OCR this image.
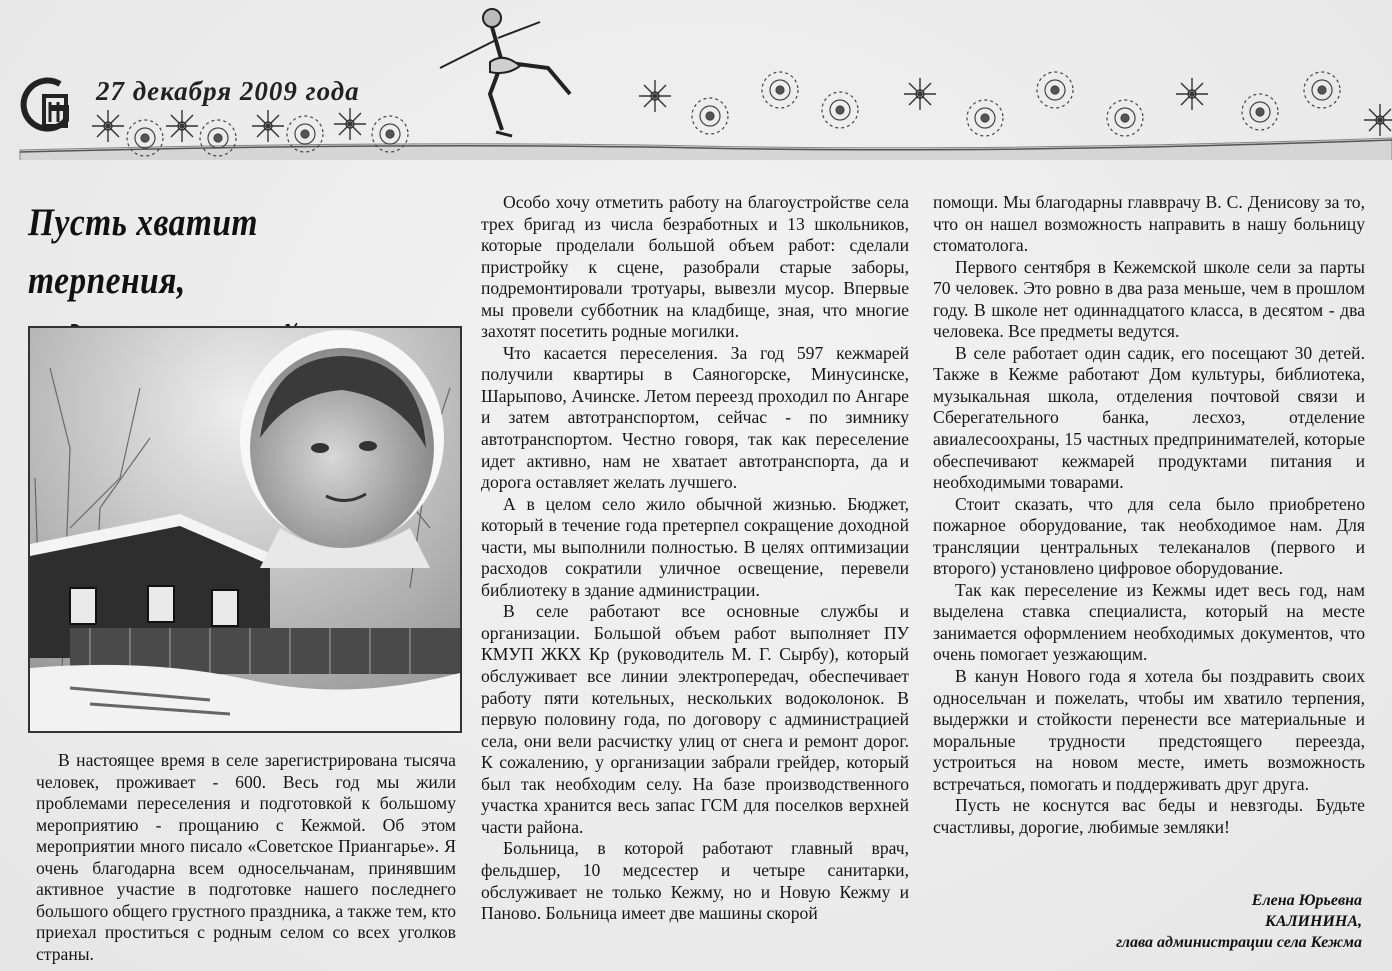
27 декабря 2009 года
Пусть хватит терпения,

В настоящее время в селе зарегистрирована тысяча человек, проживает - 600. Весь год мы жили проблемами переселения и подготовкой к большому мероприятию - прощанию с Кежмой. Об этом мероприятии много писало «Советское Приангарье». Я очень благодарна всем односельчанам, принявшим активное участие в подготовке нашего последнего большого общего грустного праздника, а также тем, кто приехал проститься с родным селом со всех уголков страны.

Особо хочу отметить работу на благоустройстве села трех бригад из числа безработных и 13 школьников, которые проделали большой объем работ: сделали пристройку к сцене, разобрали старые заборы, подремонтировали тротуары, вывезли мусор. Впервые мы провели субботник на кладбище, зная, что многие захотят посетить родные могилки.

Что касается переселения. За год 597 кежмарей получили квартиры в Саяногорске, Минусинске, Шарыпово, Ачинске. Летом переезд проходил по Ангаре и затем автотранспортом, сейчас - по зимнику автотранспортом. Честно говоря, так как переселение идет активно, нам не хватает автотранспорта, да и дорога оставляет желать лучшего.

А в целом село жило обычной жизнью. Бюджет, который в течение года претерпел сокращение доходной части, мы выполнили полностью. В целях оптимизации расходов сократили уличное освещение, перевели библиотеку в здание администрации.

В селе работают все основные службы и организации. Большой объем работ выполняет ПУ КМУП ЖКХ Кр (руководитель М. Г. Сырбу), который обслуживает все линии электропередач, обеспечивает работу пяти котельных, нескольких водоколонок. В первую половину года, по договору с администрацией села, они вели расчистку улиц от снега и ремонт дорог. К сожалению, у организации забрали грейдер, который был так необходим селу. На базе производственного участка хранится весь запас ГСМ для поселков верхней части района.

Больница, в которой работают главный врач, фельдшер, 10 медсестер и четыре санитарки, обслуживает не только Кежму, но и Новую Кежму и Паново. Больница имеет две машины скорой

помощи. Мы благодарны главврачу В. С. Денисову за то, что он нашел возможность направить в нашу больницу стоматолога.

Первого сентября в Кежемской школе сели за парты 70 человек. Это ровно в два раза меньше, чем в прошлом году. В школе нет одиннадцатого класса, в десятом - два человека. Все предметы ведутся.

В селе работает один садик, его посещают 30 детей. Также в Кежме работают Дом культуры, библиотека, музыкальная школа, отделения почтовой связи и Сберегательного банка, лесхоз, отделение авиалесоохраны, 15 частных предпринимателей, которые обеспечивают кежмарей продуктами питания и необходимыми товарами.

Стоит сказать, что для села было приобретено пожарное оборудование, так необходимое нам. Для трансляции центральных телеканалов (первого и второго) установлено цифровое оборудование.

Так как переселение из Кежмы идет весь год, нам выделена ставка специалиста, который на месте занимается оформлением необходимых документов, что очень помогает уезжающим.

В канун Нового года я хотела бы поздравить своих односельчан и пожелать, чтобы им хватило терпения, выдержки и стойкости перенести все материальные и моральные трудности предстоящего переезда, устроиться на новом месте, иметь возможность встречаться, помогать и поддерживать друг друга.

Пусть не коснутся вас беды и невзгоды. Будьте счастливы, дорогие, любимые земляки!

Елена Юрьевна
КАЛИНИНА,
глава администрации села Кежма
